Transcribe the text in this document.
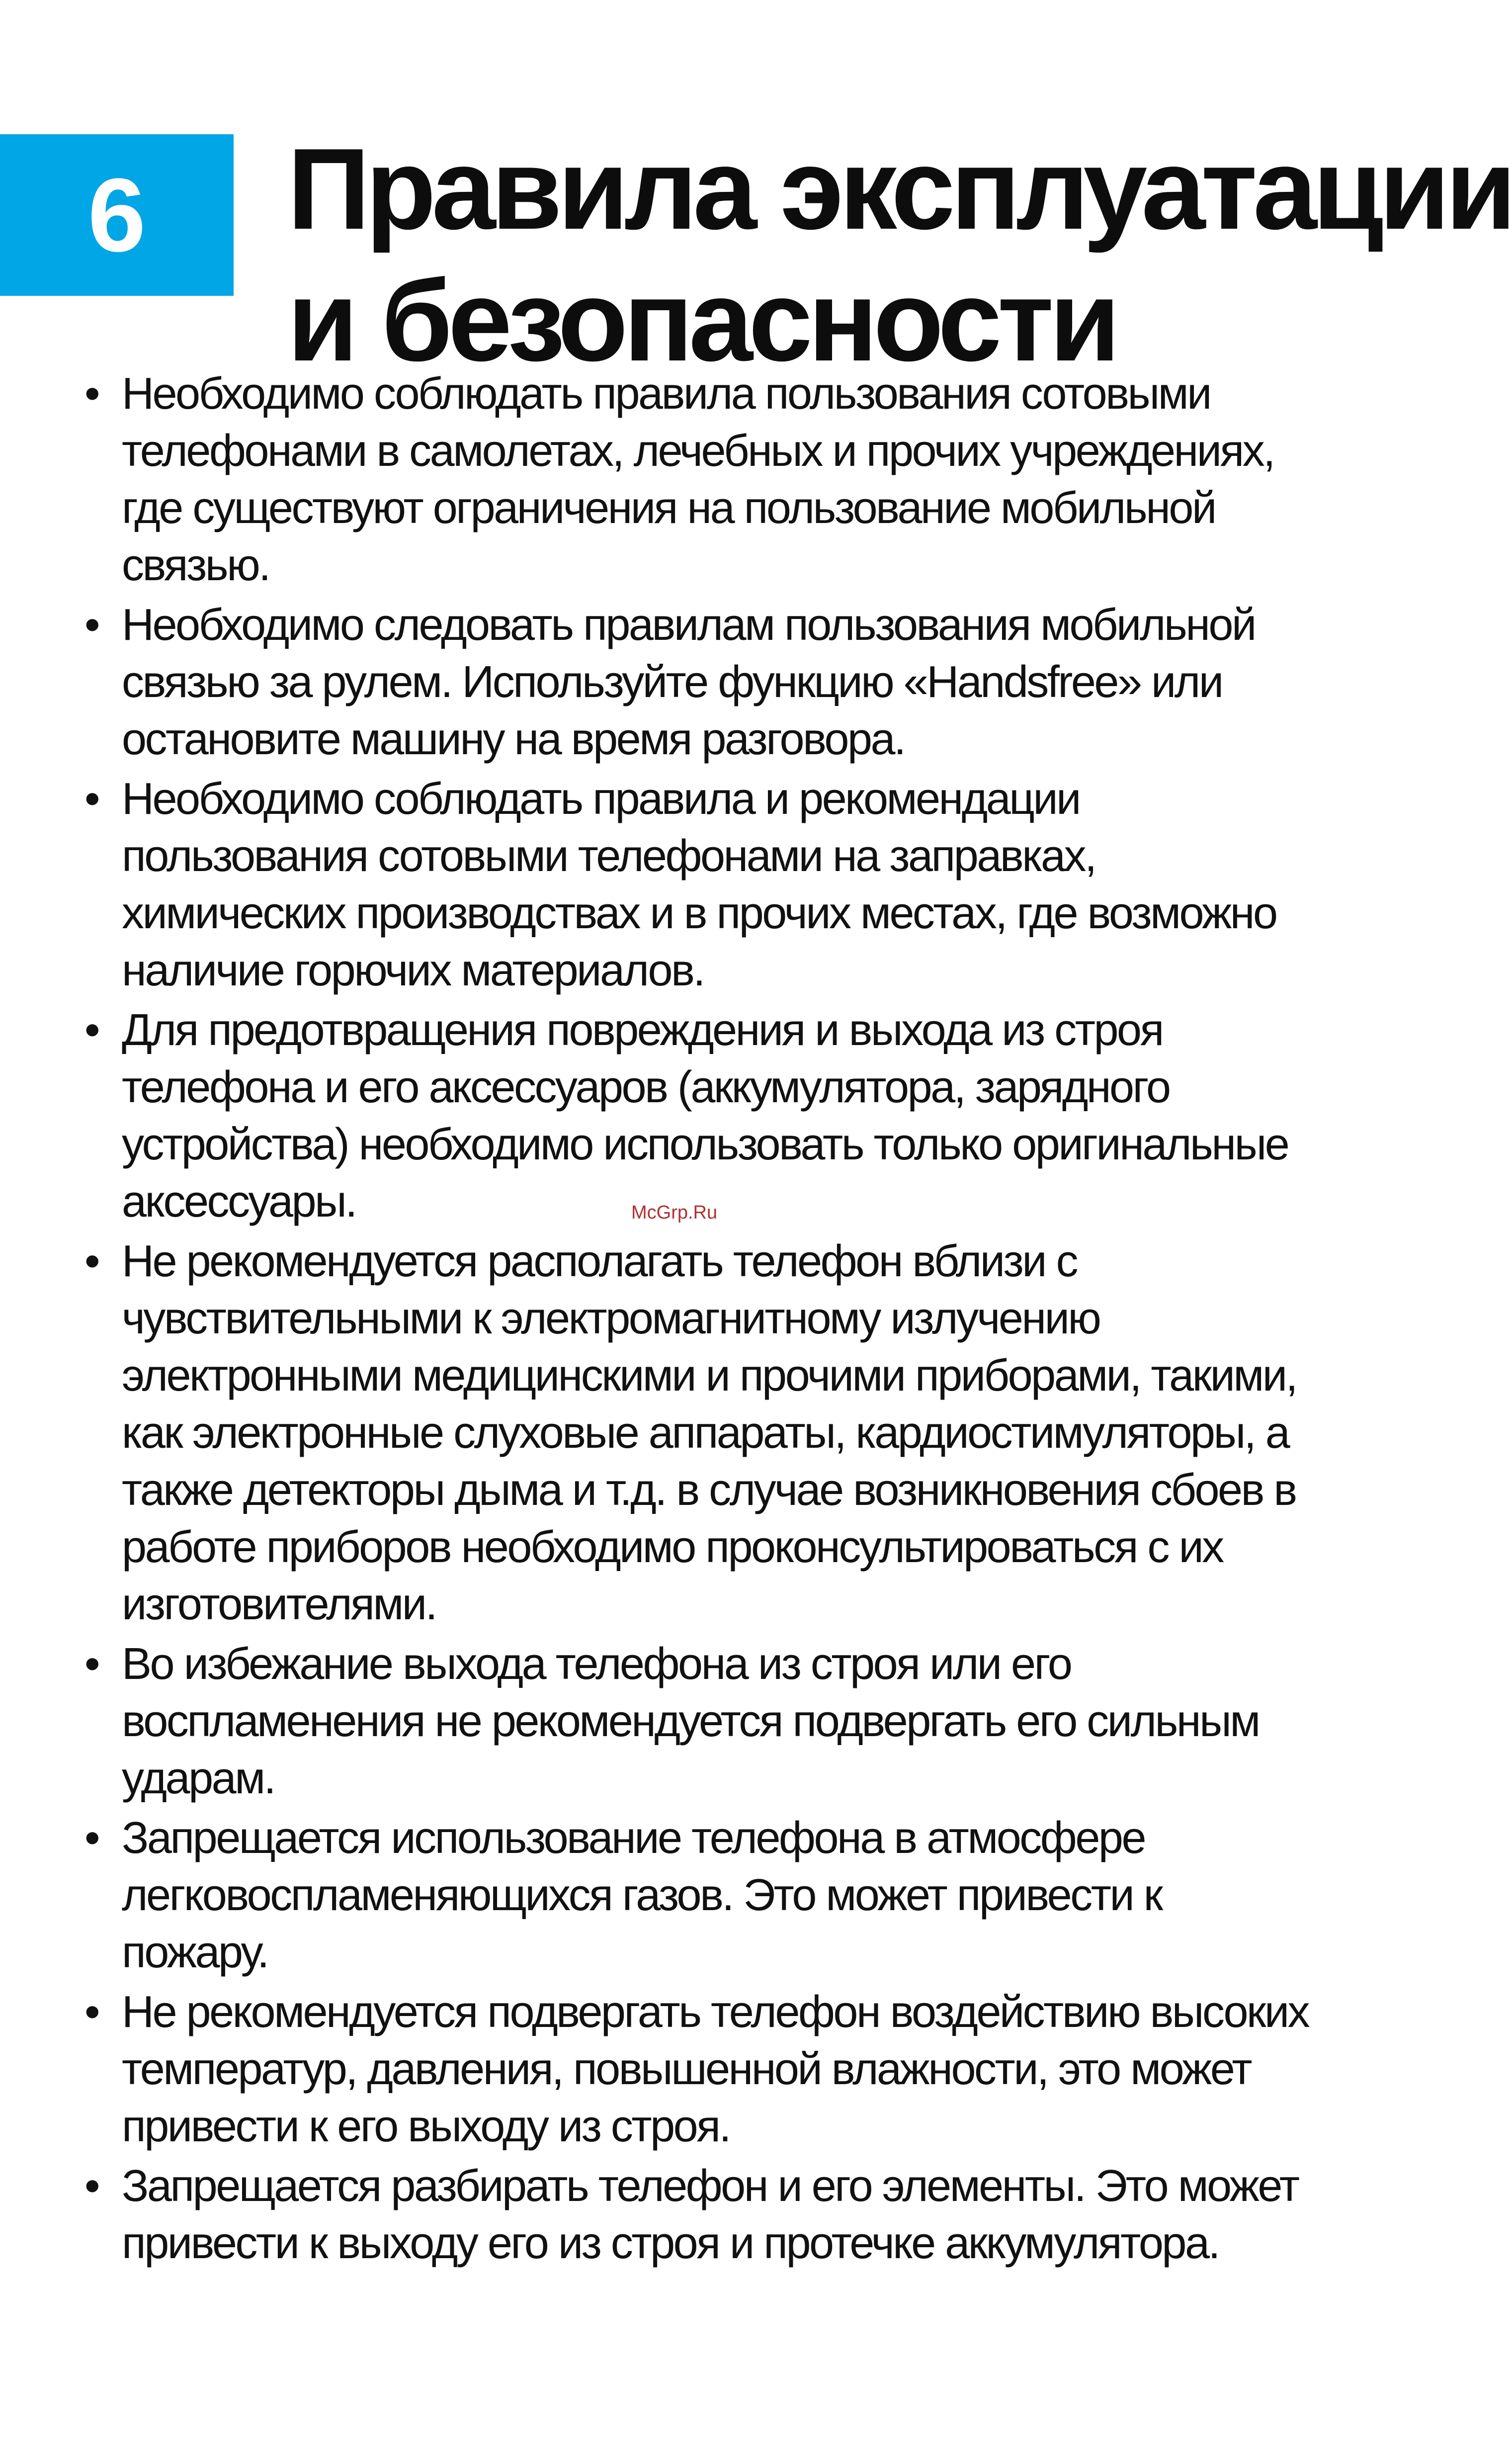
6 Правила эксплуатации
и безопасности
• Необходимо соблюдать правила пользования сотовыми телефонами в самолетах, лечебных и прочих учреждениях, где существуют ограничения на пользование мобильной связью.
• Необходимо следовать правилам пользования мобильной связью за рулем. Используйте функцию «Handsfree» или остановите машину на время разговора.
• Необходимо соблюдать правила и рекомендации пользования сотовыми телефонами на заправках, химических производствах и в прочих местах, где возможно наличие горючих материалов.
• Для предотвращения повреждения и выхода из строя телефона и его аксессуаров (аккумулятора, зарядного устройства) необходимо использовать только оригинальные аксессуары.
• Не рекомендуется располагать телефон вблизи с чувствительными к электромагнитному излучению электронными медицинскими и прочими приборами, такими, как электронные слуховые аппараты, кардиостимуляторы, а также детекторы дыма и т.д. в случае возникновения сбоев в работе приборов необходимо проконсультироваться с их изготовителями.
• Во избежание выхода телефона из строя или его воспламенения не рекомендуется подвергать его сильным ударам.
• Запрещается использование телефона в атмосфере легковоспламеняющихся газов. Это может привести к пожару.
• Не рекомендуется подвергать телефон воздействию высоких температур, давления, повышенной влажности, это может привести к его выходу из строя.
• Запрещается разбирать телефон и его элементы. Это может привести к выходу его из строя и протечке аккумулятора.
McGrp.Ru
